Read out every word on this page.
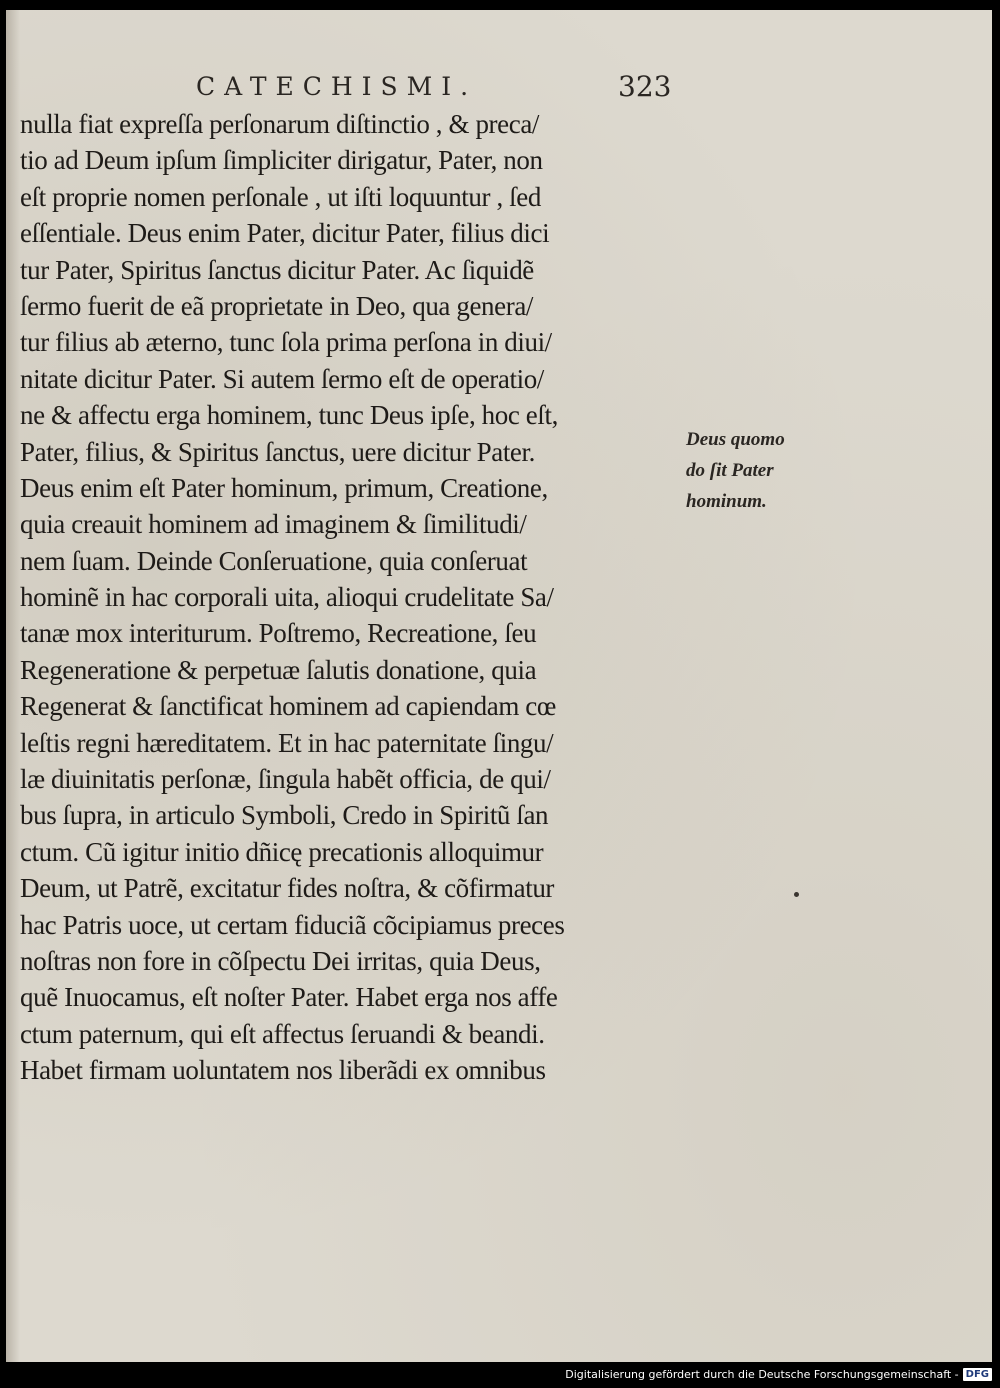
CATECHISMI.	323
nulla fiat expreſſa perſonarum diſtinctio , & preca/
tio ad Deum ipſum ſimpliciter dirigatur, Pater, non
eſt proprie nomen perſonale , ut iſti loquuntur , ſed
eſſentiale. Deus enim Pater, dicitur Pater, filius dici
tur Pater, Spiritus ſanctus dicitur Pater. Ac ſiquidẽ
ſermo fuerit de eã proprietate in Deo, qua genera/
tur filius ab æterno, tunc ſola prima perſona in diui/
nitate dicitur Pater. Si autem ſermo eſt de operatio/
ne & affectu erga hominem, tunc Deus ipſe, hoc eſt,
Pater, filius, & Spiritus ſanctus, uere dicitur Pater.
Deus enim eſt Pater hominum, primum, Creatione,
quia creauit hominem ad imaginem & ſimilitudi/
nem ſuam. Deinde Conſeruatione, quia conſeruat
hominẽ in hac corporali uita, alioqui crudelitate Sa/
tanæ mox interiturum. Poſtremo, Recreatione, ſeu
Regeneratione & perpetuæ ſalutis donatione, quia
Regenerat & ſanctificat hominem ad capiendam cœ
leſtis regni hæreditatem. Et in hac paternitate ſingu/
læ diuinitatis perſonæ, ſingula habẽt officia, de qui/
bus ſupra, in articulo Symboli, Credo in Spiritũ ſan
ctum. Cũ igitur initio dñicę precationis alloquimur
Deum, ut Patrẽ, excitatur fides noſtra, & cõfirmatur
hac Patris uoce, ut certam fiduciã cõcipiamus preces
noſtras non fore in cõſpectu Dei irritas, quia Deus,
quẽ Inuocamus, eſt noſter Pater. Habet erga nos affe
ctum paternum, qui eſt affectus ſeruandi & beandi.
Habet firmam uoluntatem nos liberãdi ex omnibus
Deus quomo
do ſit Pater
hominum.
Digitalisierung gefördert durch die Deutsche Forschungsgemeinschaft - DFG
